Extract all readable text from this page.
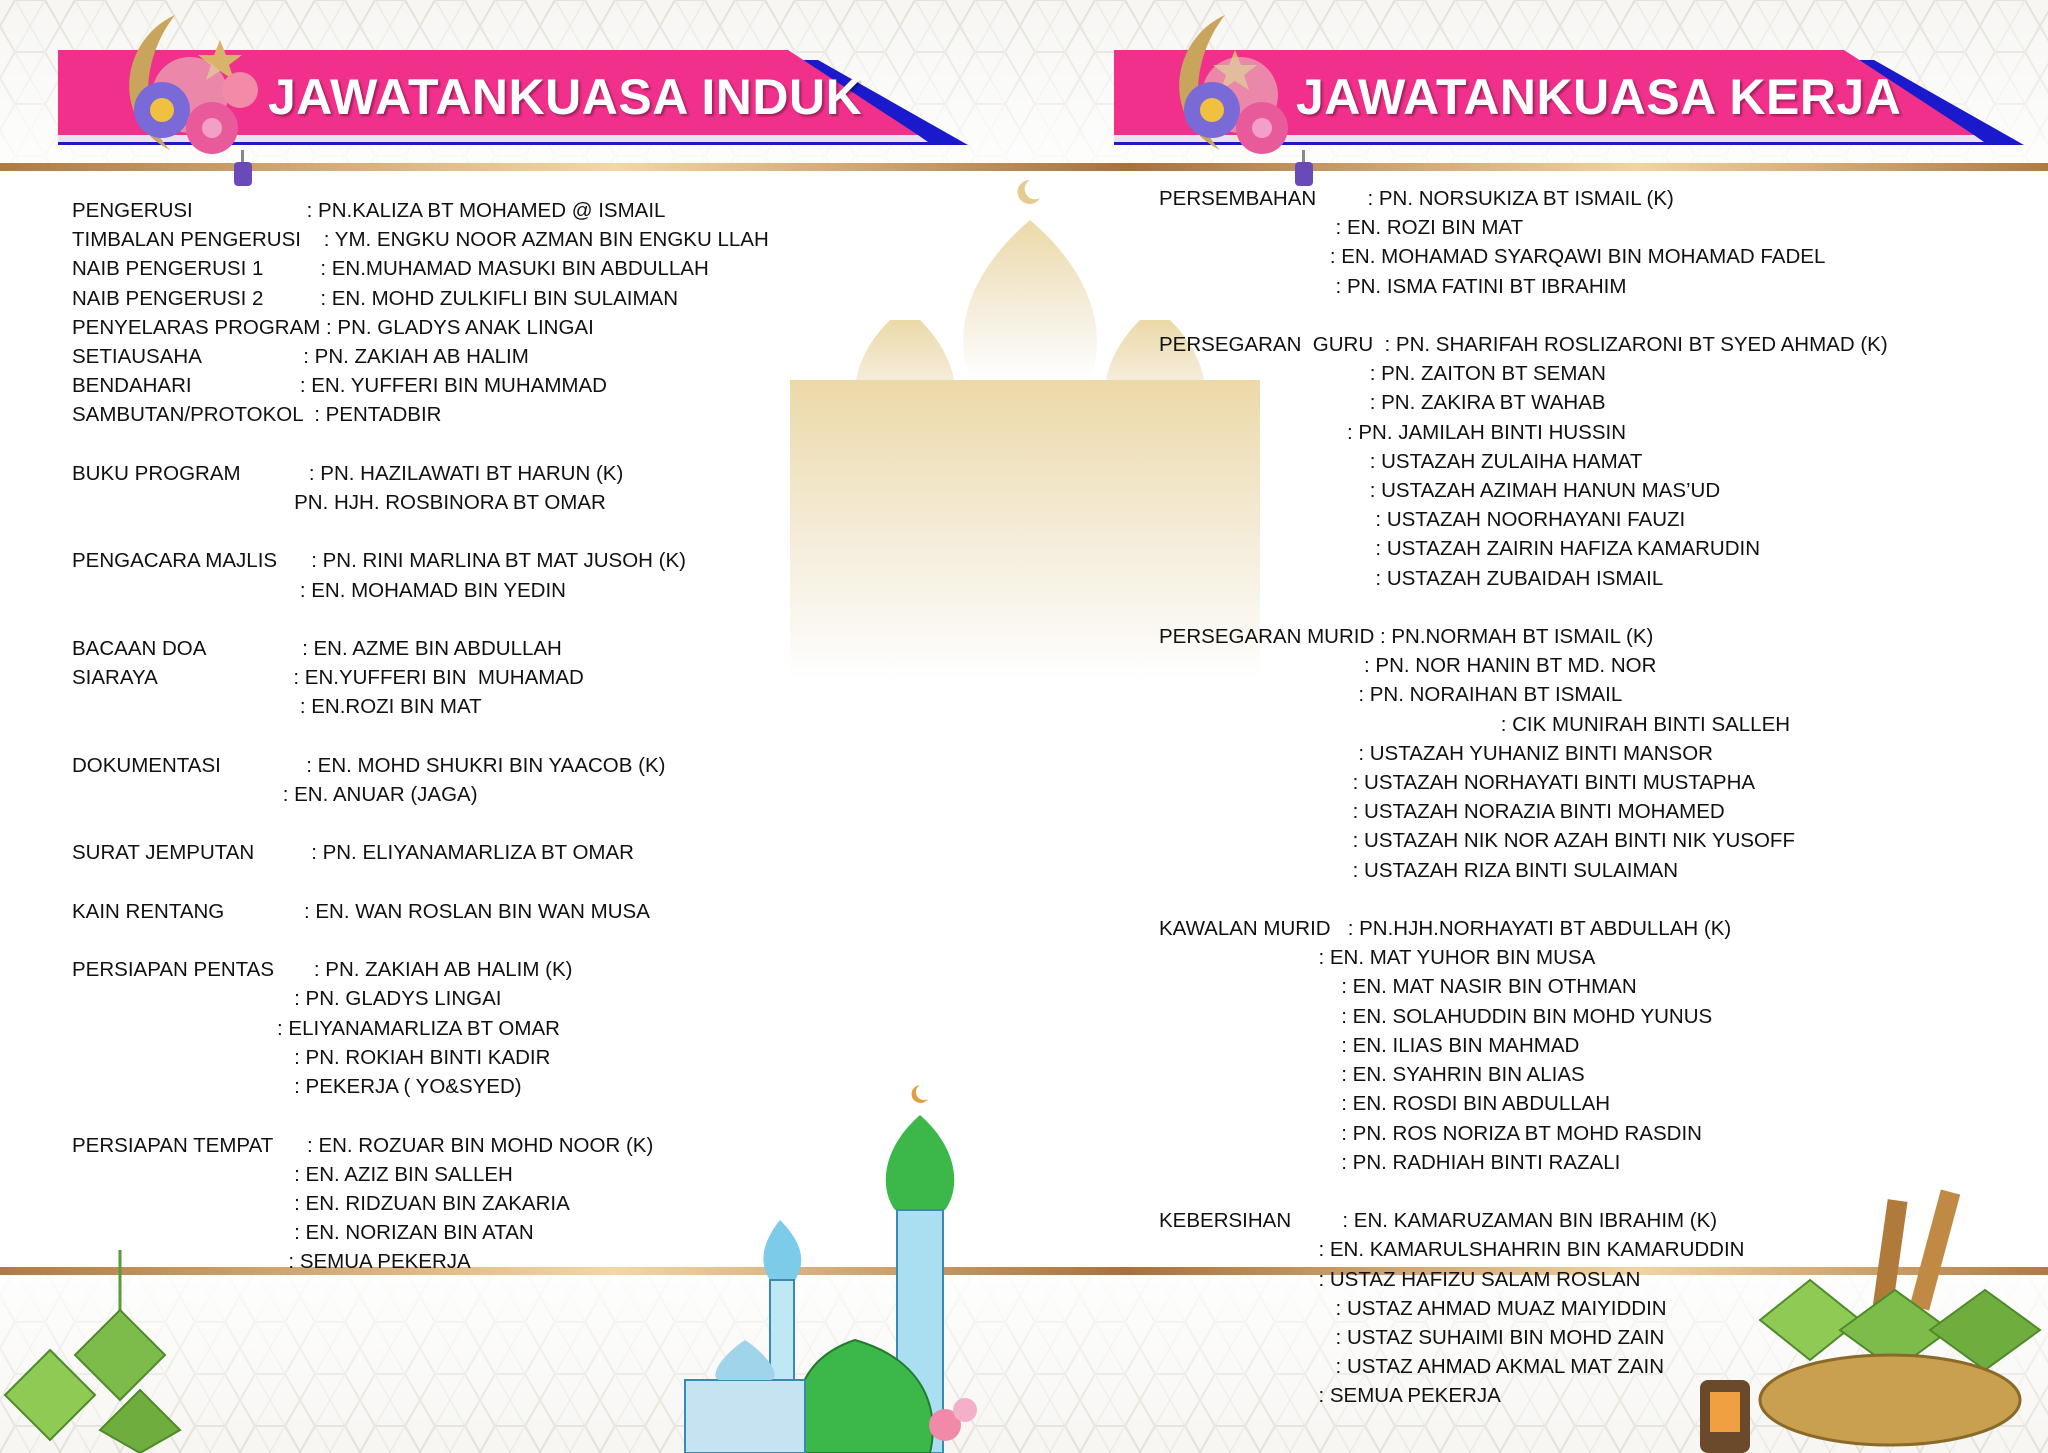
JAWATANKUASA INDUK	JAWATANKUASA KERJA
PENGERUSI                    : PN.KALIZA BT MOHAMED @ ISMAIL
TIMBALAN PENGERUSI    : YM. ENGKU NOOR AZMAN BIN ENGKU LLAH
NAIB PENGERUSI 1          : EN.MUHAMAD MASUKI BIN ABDULLAH
NAIB PENGERUSI 2          : EN. MOHD ZULKIFLI BIN SULAIMAN
PENYELARAS PROGRAM : PN. GLADYS ANAK LINGAI
SETIAUSAHA                  : PN. ZAKIAH AB HALIM
BENDAHARI                   : EN. YUFFERI BIN MUHAMMAD
SAMBUTAN/PROTOKOL  : PENTADBIR

BUKU PROGRAM            : PN. HAZILAWATI BT HARUN (K)
PN. HJH. ROSBINORA BT OMAR

PENGACARA MAJLIS      : PN. RINI MARLINA BT MAT JUSOH (K)
: EN. MOHAMAD BIN YEDIN

BACAAN DOA                 : EN. AZME BIN ABDULLAH
SIARAYA                        : EN.YUFFERI BIN  MUHAMAD
: EN.ROZI BIN MAT

DOKUMENTASI               : EN. MOHD SHUKRI BIN YAACOB (K)
: EN. ANUAR (JAGA)

SURAT JEMPUTAN          : PN. ELIYANAMARLIZA BT OMAR

KAIN RENTANG              : EN. WAN ROSLAN BIN WAN MUSA

PERSIAPAN PENTAS       : PN. ZAKIAH AB HALIM (K)
: PN. GLADYS LINGAI
: ELIYANAMARLIZA BT OMAR
: PN. ROKIAH BINTI KADIR
: PEKERJA ( YO&SYED)

PERSIAPAN TEMPAT      : EN. ROZUAR BIN MOHD NOOR (K)
: EN. AZIZ BIN SALLEH
: EN. RIDZUAN BIN ZAKARIA
: EN. NORIZAN BIN ATAN
: SEMUA PEKERJA
PERSEMBAHAN         : PN. NORSUKIZA BT ISMAIL (K)
: EN. ROZI BIN MAT
: EN. MOHAMAD SYARQAWI BIN MOHAMAD FADEL
: PN. ISMA FATINI BT IBRAHIM

PERSEGARAN  GURU  : PN. SHARIFAH ROSLIZARONI BT SYED AHMAD (K)
: PN. ZAITON BT SEMAN
: PN. ZAKIRA BT WAHAB
: PN. JAMILAH BINTI HUSSIN
: USTAZAH ZULAIHA HAMAT
: USTAZAH AZIMAH HANUN MAS’UD
: USTAZAH NOORHAYANI FAUZI
: USTAZAH ZAIRIN HAFIZA KAMARUDIN
: USTAZAH ZUBAIDAH ISMAIL

PERSEGARAN MURID : PN.NORMAH BT ISMAIL (K)
: PN. NOR HANIN BT MD. NOR
: PN. NORAIHAN BT ISMAIL
: CIK MUNIRAH BINTI SALLEH
: USTAZAH YUHANIZ BINTI MANSOR
: USTAZAH NORHAYATI BINTI MUSTAPHA
: USTAZAH NORAZIA BINTI MOHAMED
: USTAZAH NIK NOR AZAH BINTI NIK YUSOFF
: USTAZAH RIZA BINTI SULAIMAN

KAWALAN MURID   : PN.HJH.NORHAYATI BT ABDULLAH (K)
: EN. MAT YUHOR BIN MUSA
: EN. MAT NASIR BIN OTHMAN
: EN. SOLAHUDDIN BIN MOHD YUNUS
: EN. ILIAS BIN MAHMAD
: EN. SYAHRIN BIN ALIAS
: EN. ROSDI BIN ABDULLAH
: PN. ROS NORIZA BT MOHD RASDIN
: PN. RADHIAH BINTI RAZALI

KEBERSIHAN         : EN. KAMARUZAMAN BIN IBRAHIM (K)
: EN. KAMARULSHAHRIN BIN KAMARUDDIN
: USTAZ HAFIZU SALAM ROSLAN
: USTAZ AHMAD MUAZ MAIYIDDIN
: USTAZ SUHAIMI BIN MOHD ZAIN
: USTAZ AHMAD AKMAL MAT ZAIN
: SEMUA PEKERJA
